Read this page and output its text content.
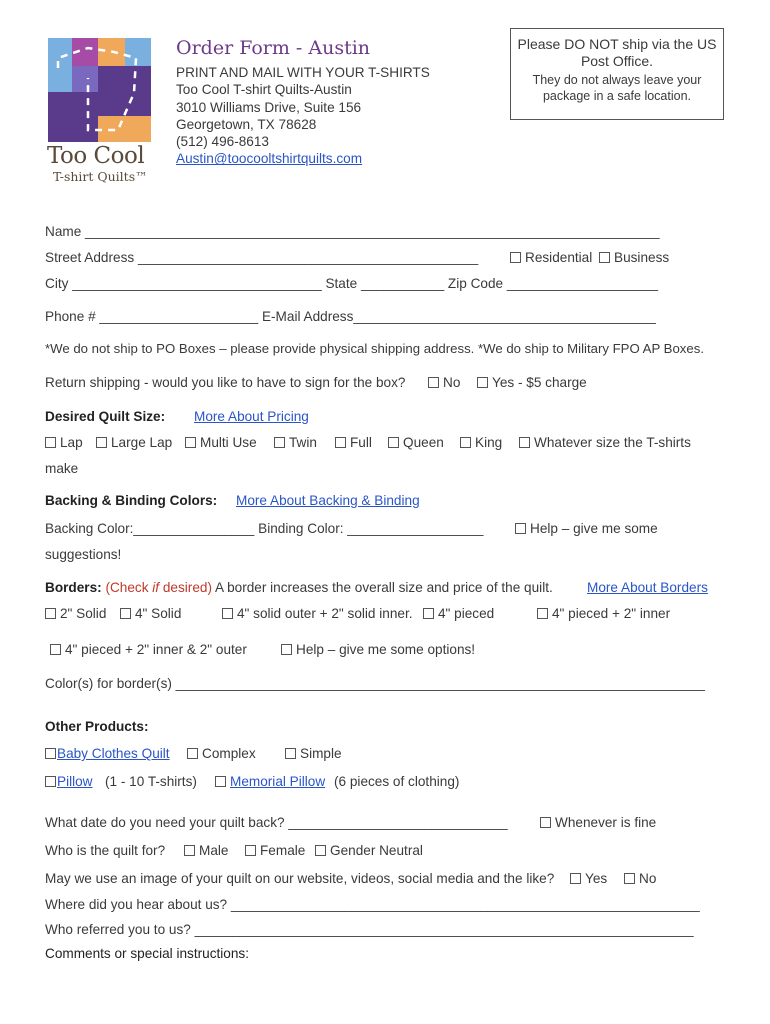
Too Cool
T-shirt Quilts™
Order Form - Austin
PRINT AND MAIL WITH YOUR T-SHIRTS
Too Cool T-shirt Quilts-Austin
3010 Williams Drive, Suite 156
Georgetown, TX 78628
(512) 496-8613
Austin@toocooltshirtquilts.com
Please DO NOT ship via the US Post Office.
They do not always leave your package in a safe location.
Name ____________________________________________________________________________
Street Address _____________________________________________	Residential	Business
City _________________________________ State ___________ Zip Code ____________________
Phone # _____________________ E-Mail Address________________________________________
*We do not ship to PO Boxes – please provide physical shipping address. *We do ship to Military FPO AP Boxes.
Return shipping - would you like to have to sign for the box?	No	Yes - $5 charge
Desired Quilt Size: More About Pricing
Lap	Large Lap	Multi Use	Twin	Full	Queen	King	Whatever size the T-shirts
make
Backing & Binding Colors: More About Backing & Binding
Backing Color:________________ Binding Color: __________________	Help – give me some
suggestions!
Borders: (Check if desired) A border increases the overall size and price of the quilt.	More About Borders
2" Solid	4" Solid	4" solid outer + 2" solid inner.	4" pieced	4" pieced + 2" inner
4" pieced + 2" inner & 2" outer	Help – give me some options!
Color(s) for border(s) ______________________________________________________________________
Other Products:
Baby Clothes Quilt	Complex	Simple
Pillow (1 - 10 T-shirts)	Memorial Pillow (6 pieces of clothing)
What date do you need your quilt back? _____________________________	Whenever is fine
Who is the quilt for?	Male	Female	Gender Neutral
May we use an image of your quilt on our website, videos, social media and the like?	Yes	No
Where did you hear about us? ______________________________________________________________
Who referred you to us? __________________________________________________________________
Comments or special instructions:
